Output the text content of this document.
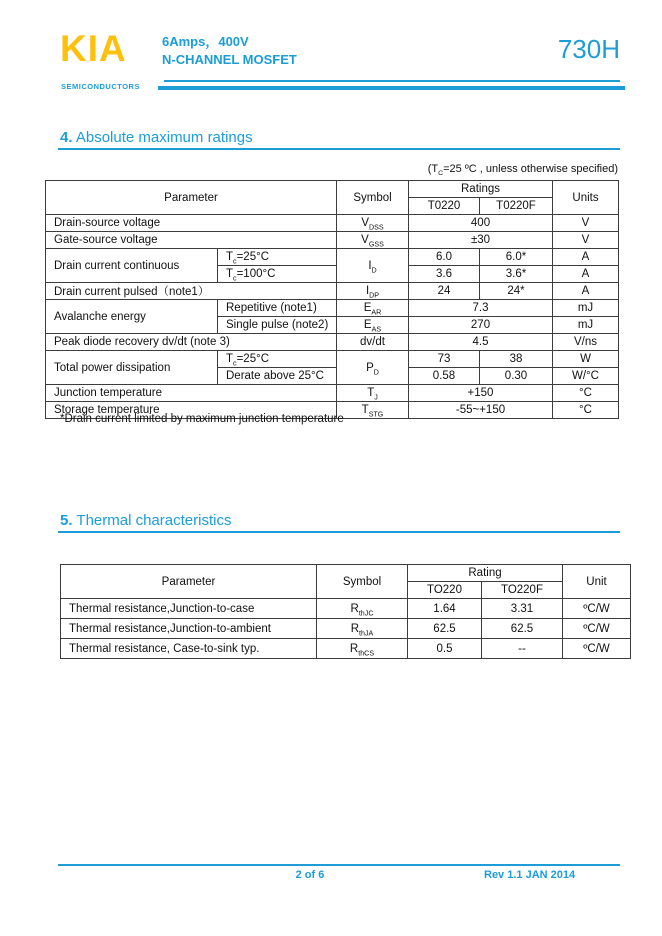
KIA
SEMICONDUCTORS
6Amps，400V
N-CHANNEL MOSFET	730H
4. Absolute maximum ratings
($T_C=25$ ºC , unless otherwise specified)
Parameter		Symbol	Ratings		Units
			T0220	T0220F	
Drain-source voltage		$V_{DSS}$	400		V
Gate-source voltage		$V_{GSS}$	±30		V
Drain current continuous	$T_c=25^\circ C$	$I_D$	6.0	6.0*	A
	$T_c=100^\circ C$		3.6	3.6*	A
Drain current pulsed（note1）		$I_{DP}$	24	24*	A
Avalanche energy	Repetitive (note1)	$E_{AR}$	7.3		mJ
	Single pulse (note2)	$E_{AS}$	270		mJ
Peak diode recovery dv/dt (note 3)		dv/dt	4.5		V/ns
Total power dissipation	$T_c=25^\circ C$	$P_D$	73	38	W
	Derate above 25°C		0.58	0.30	W/°C
Junction temperature		$T_J$	+150		°C
Storage temperature		$T_{STG}$	-55~+150		°C
*Drain current limited by maximum junction temperature
5. Thermal characteristics
Parameter	Symbol	Rating		Unit
		TO220	TO220F	
Thermal resistance,Junction-to-case	$R_{thJC}$	1.64	3.31	ºC/W
Thermal resistance,Junction-to-ambient	$R_{thJA}$	62.5	62.5	ºC/W
Thermal resistance, Case-to-sink typ.	$R_{thCS}$	0.5	--	ºC/W
2 of 6	Rev 1.1 JAN 2014
